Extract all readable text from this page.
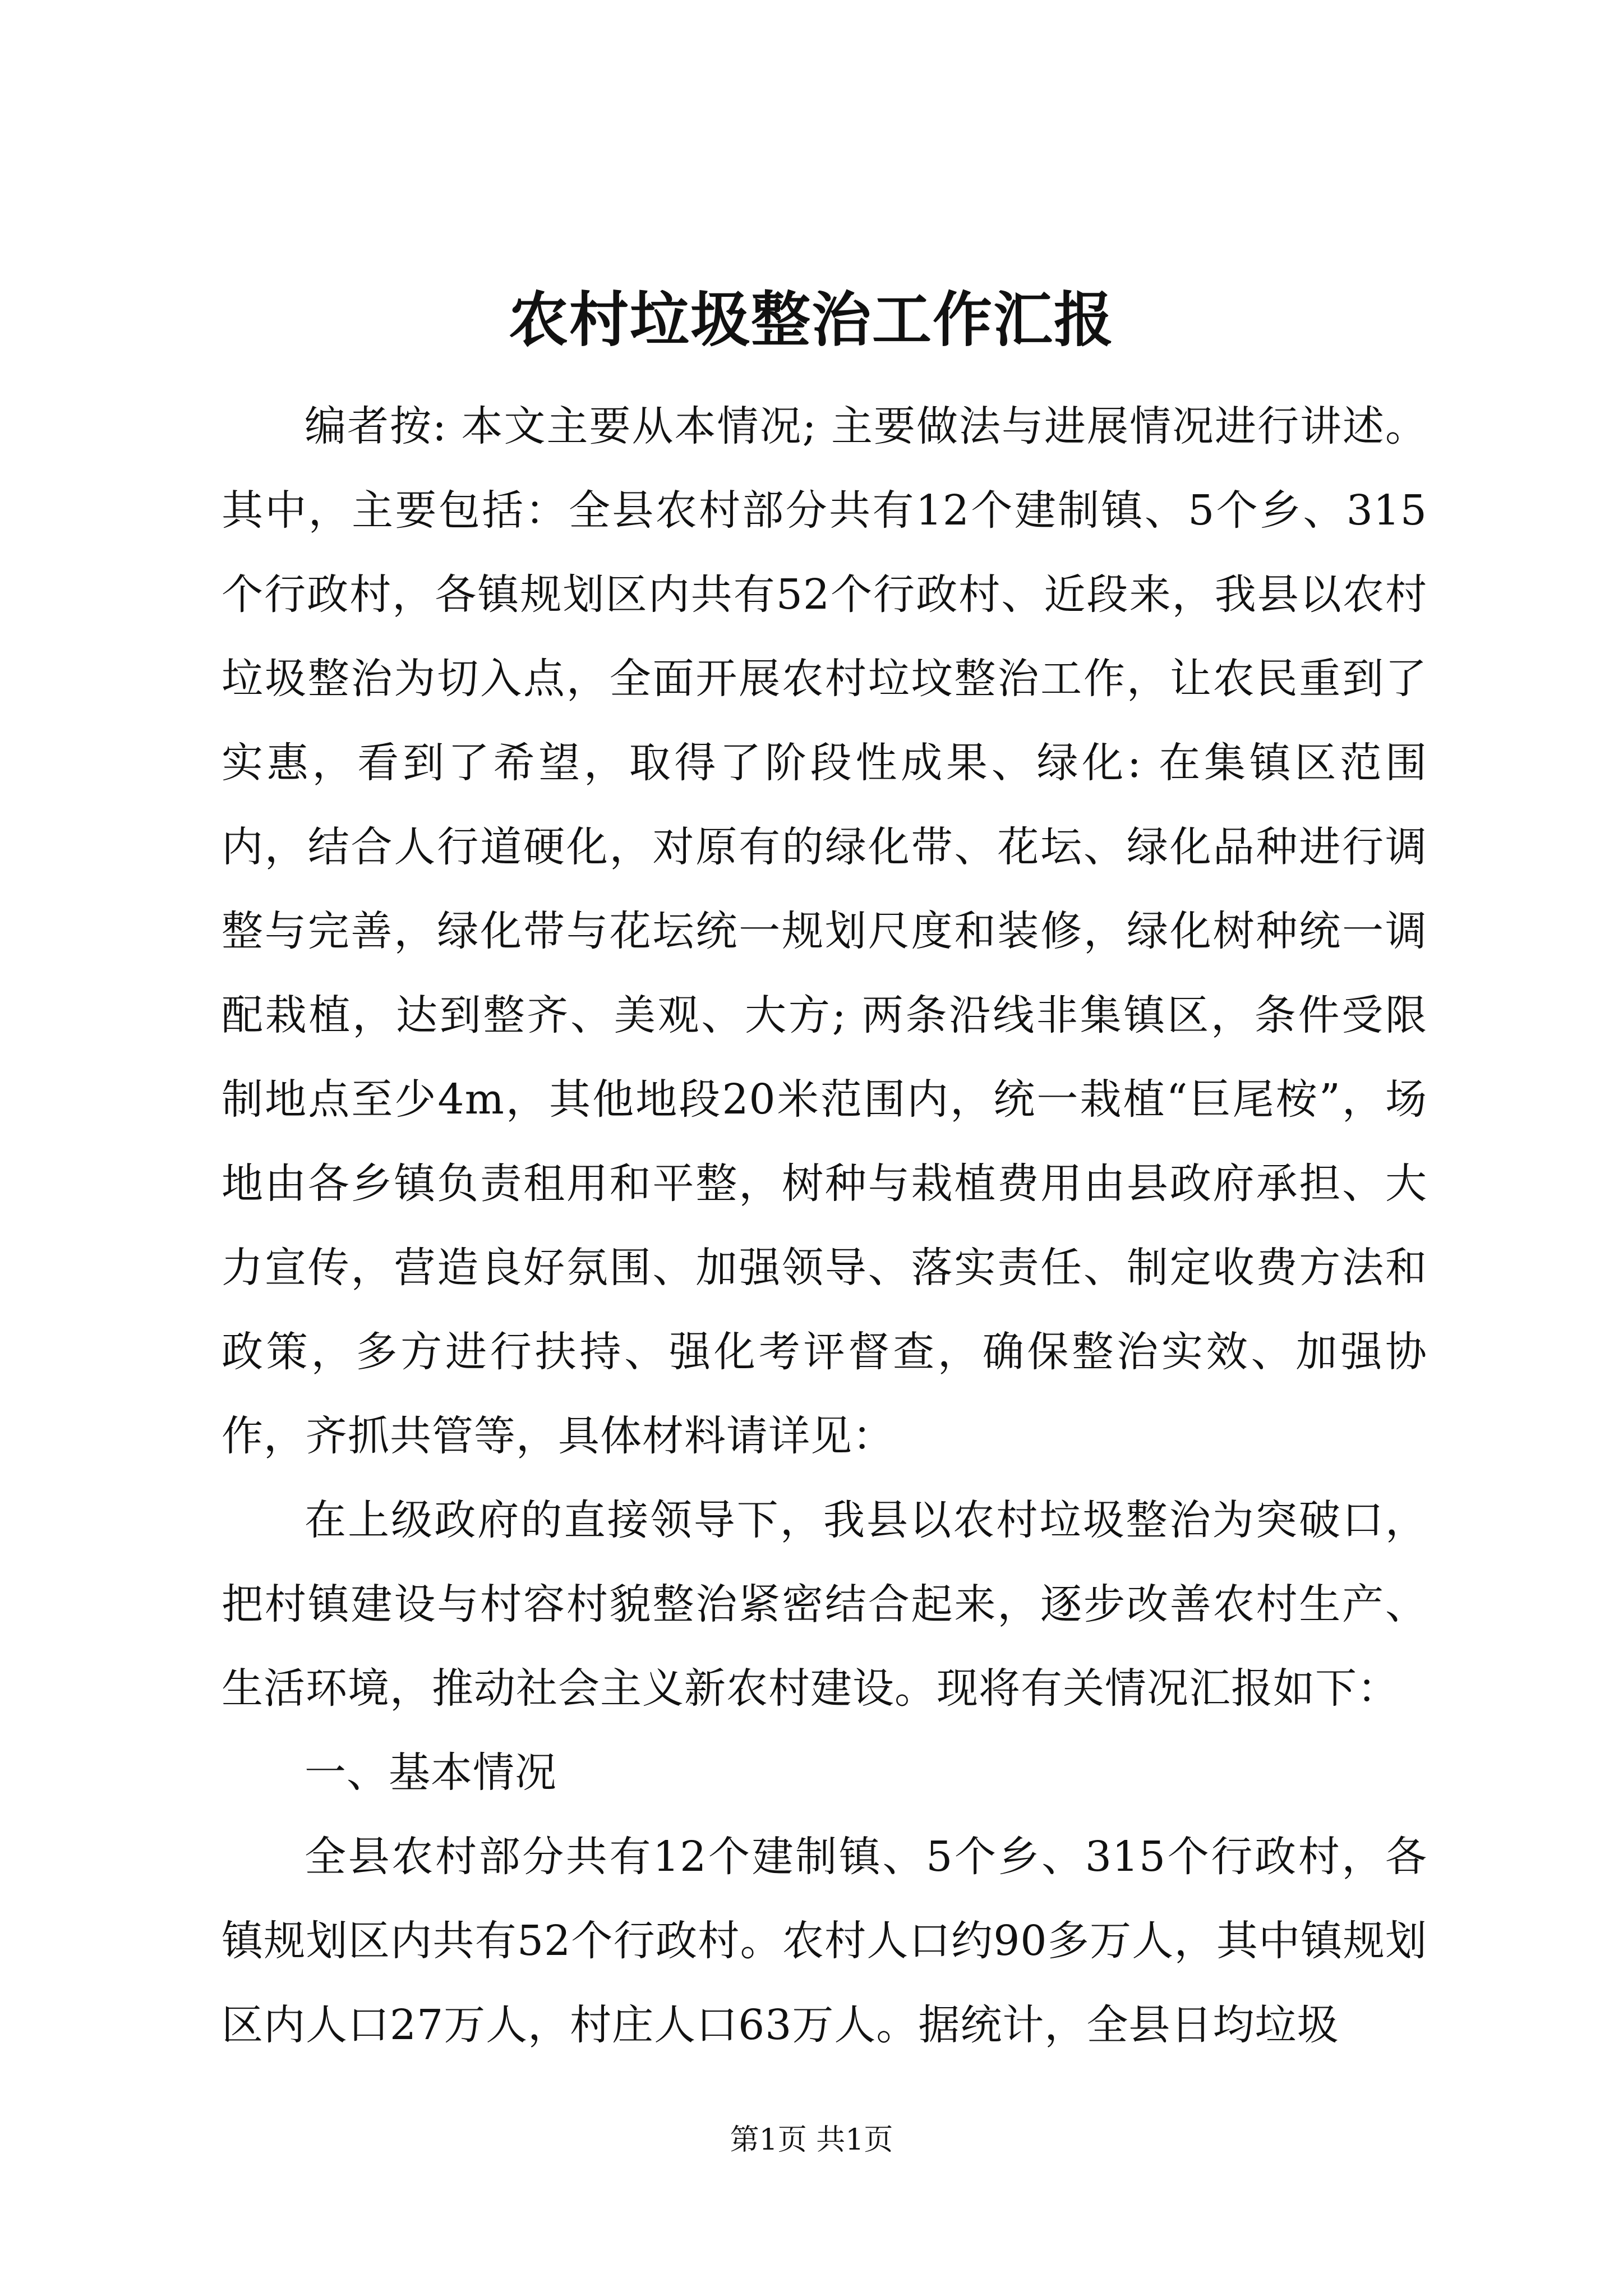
农村垃圾整治工作汇报

编者按: 本文主要从本情况; 主要做法与进展情况进行讲述。其中，主要包括：全县农村部分共有12个建制镇、5个乡、315个行政村，各镇规划区内共有52个行政村、近段来，我县以农村垃圾整治为切入点，全面开展农村垃坟整治工作，让农民重到了实惠，看到了希望，取得了阶段性成果、绿化: 在集镇区范围内，结合人行道硬化，对原有的绿化带、花坛、绿化品种进行调整与完善，绿化带与花坛统一规划尺度和装修，绿化树种统一调配栽植，达到整齐、美观、大方; 两条沿线非集镇区，条件受限制地点至少4m，其他地段20米范围内，统一栽植“巨尾桉”，场地由各乡镇负责租用和平整，树种与栽植费用由县政府承担、大力宣传，营造良好氛围、加强领导、落实责任、制定收费方法和政策，多方进行扶持、强化考评督查，确保整治实效、加强协作，齐抓共管等，具体材料请详见：

在上级政府的直接领导下，我县以农村垃圾整治为突破口，把村镇建设与村容村貌整治紧密结合起来，逐步改善农村生产、生活环境，推动社会主义新农村建设。现将有关情况汇报如下：

一、基本情况

全县农村部分共有12个建制镇、5个乡、315个行政村，各镇规划区内共有52个行政村。农村人口约90多万人，其中镇规划区内人口27万人，村庄人口63万人。据统计，全县日均垃圾

第1页 共1页
